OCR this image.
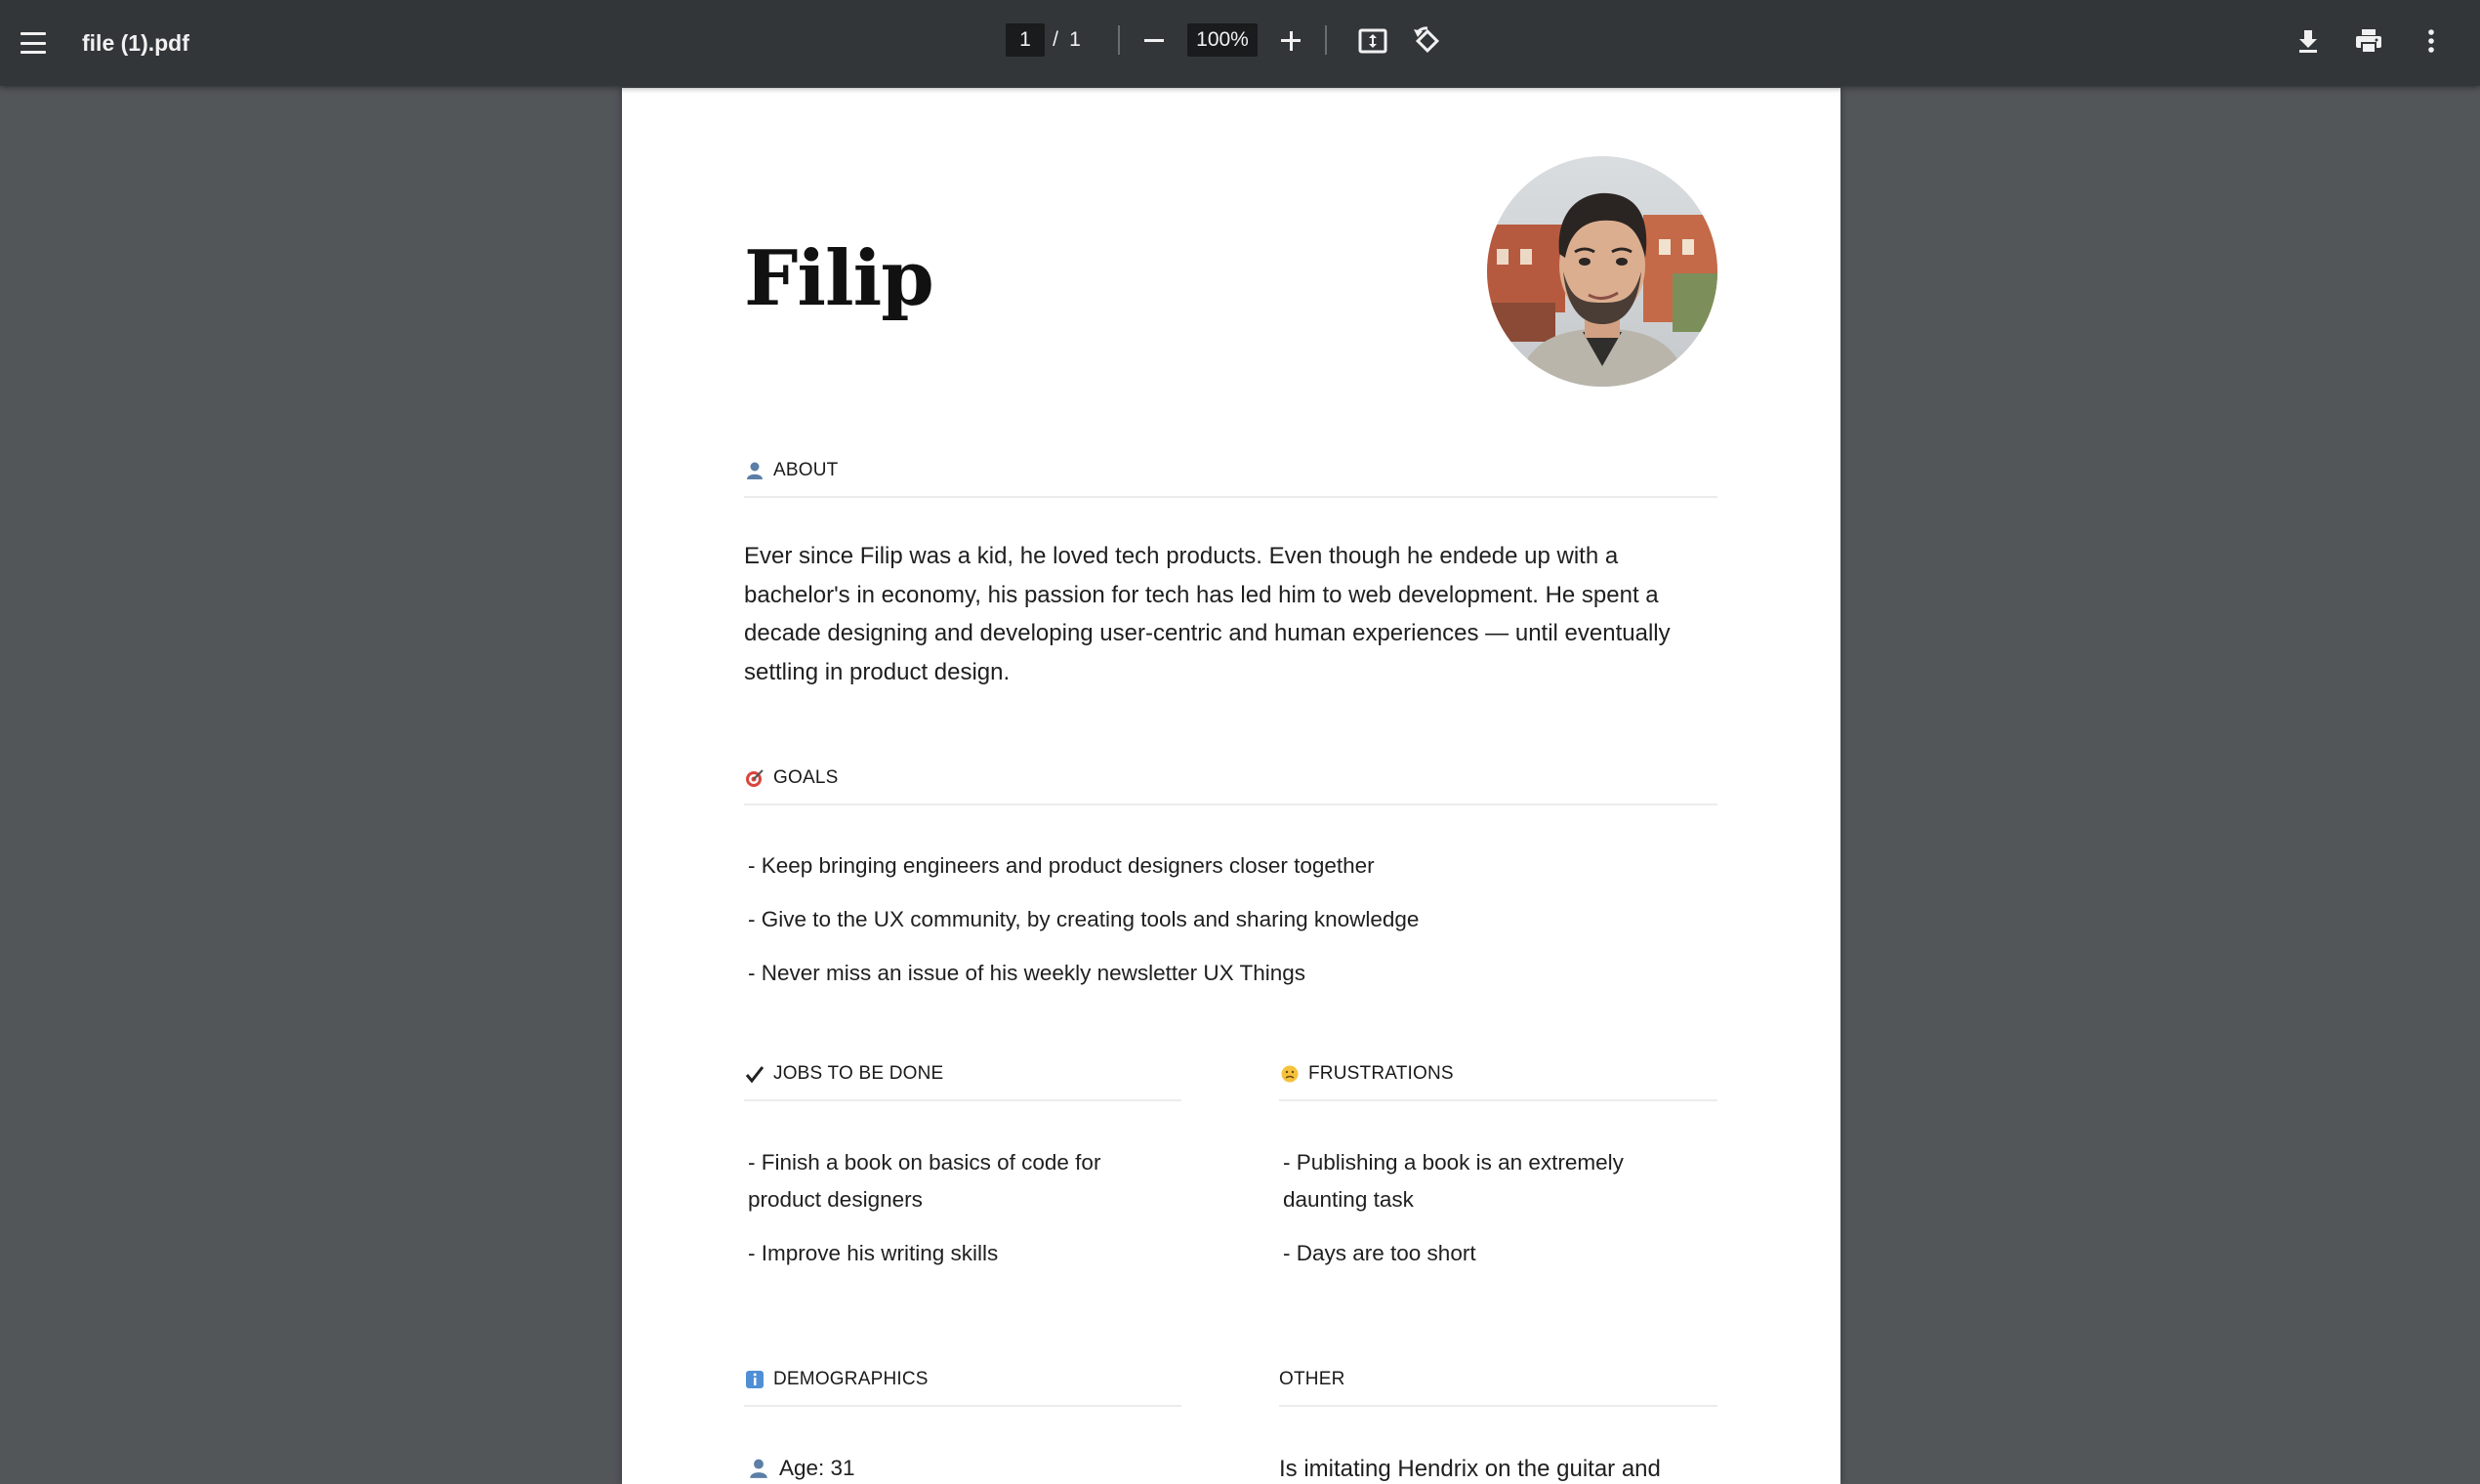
file (1).pdf	1	/ 1	100%
Filip
ABOUT
Ever since Filip was a kid, he loved tech products. Even though he endede up with a bachelor's in economy, his passion for tech has led him to web development. He spent a decade designing and developing user-centric and human experiences — until eventually settling in product design.
GOALS
- Keep bringing engineers and product designers closer together
- Give to the UX community, by creating tools and sharing knowledge
- Never miss an issue of his weekly newsletter UX Things
JOBS TO BE DONE
- Finish a book on basics of code for
product designers
- Improve his writing skills
FRUSTRATIONS
- Publishing a book is an extremely
daunting task
- Days are too short
DEMOGRAPHICS
Age: 31
OTHER
Is imitating Hendrix on the guitar and
